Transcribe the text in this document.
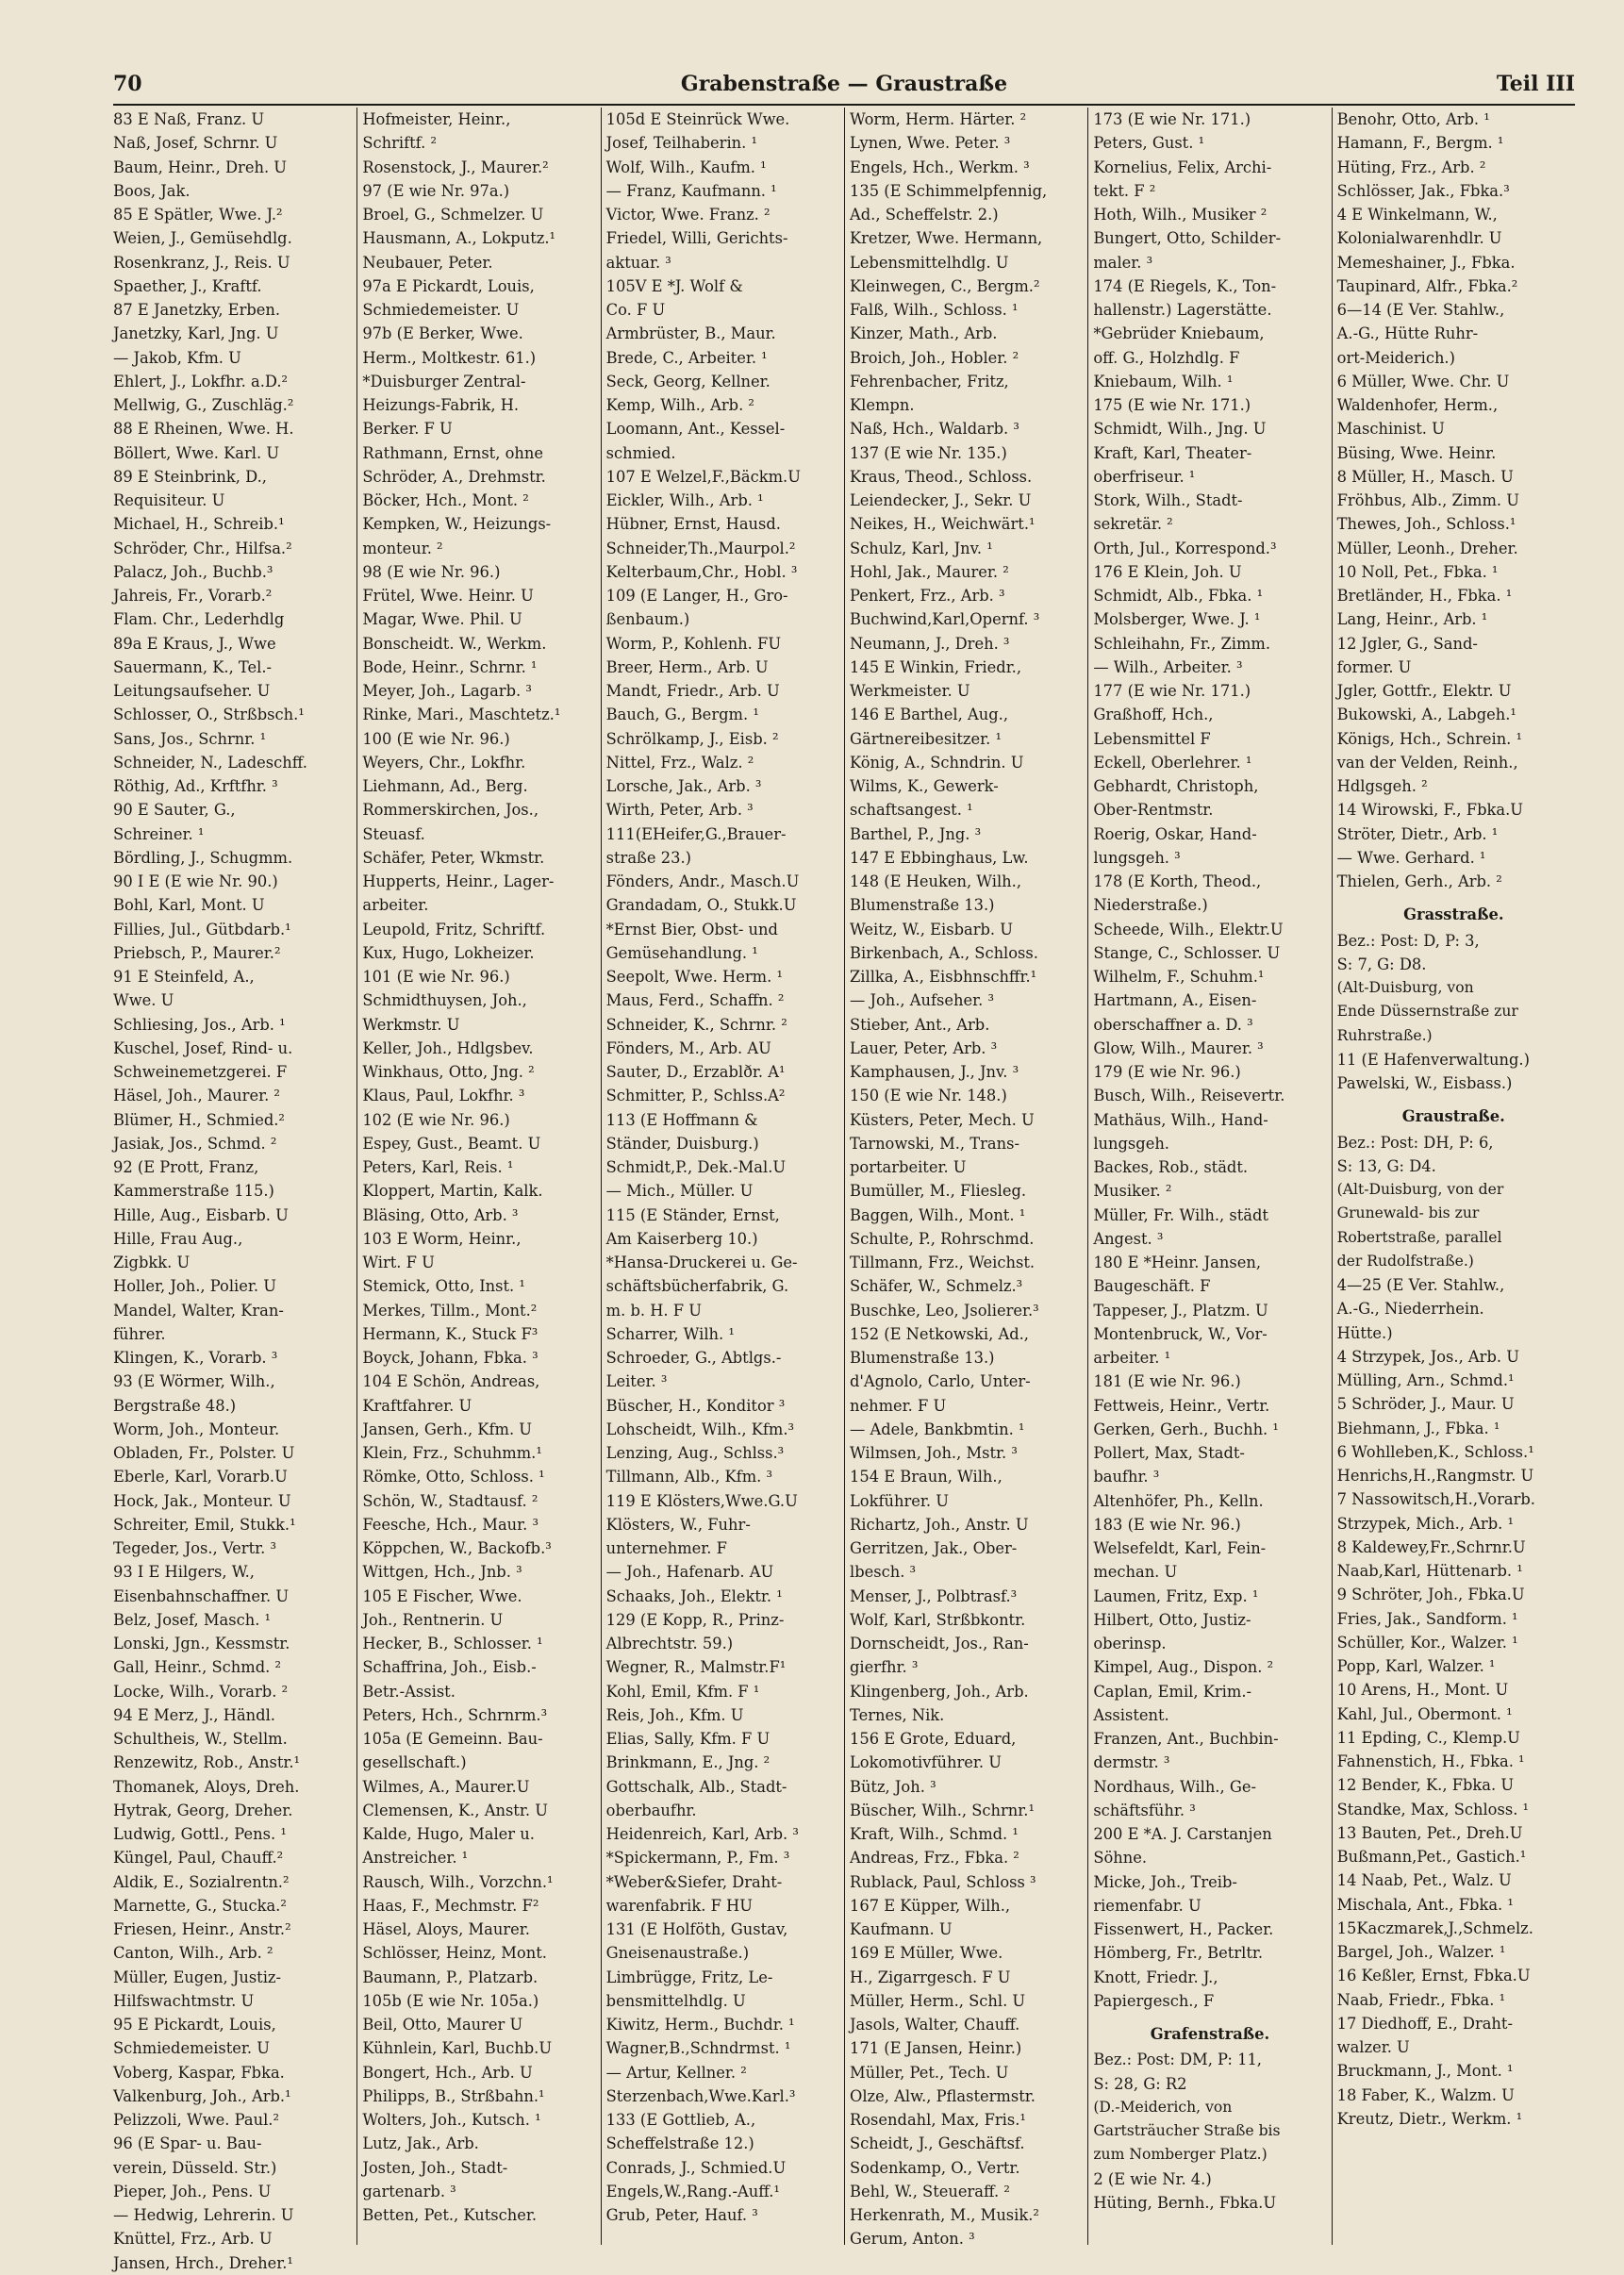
70	Grabenstraße — Graustraße	Teil III

83 E Naß, Franz. U

Naß, Josef, Schrnr. U

Baum, Heinr., Dreh. U

Boos, Jak.

85 E Spätler, Wwe. J.²

Weien, J., Gemüsehdlg.

Rosenkranz, J., Reis. U

Spaether, J., Kraftf.

87 E Janetzky, Erben.

Janetzky, Karl, Jng. U

— Jakob, Kfm. U

Ehlert, J., Lokfhr. a.D.²

Mellwig, G., Zuschläg.²

88 E Rheinen, Wwe. H.

Böllert, Wwe. Karl. U

89 E Steinbrink, D.,

Requisiteur. U

Michael, H., Schreib.¹

Schröder, Chr., Hilfsa.²

Palacz, Joh., Buchb.³

Jahreis, Fr., Vorarb.²

Flam. Chr., Lederhdlg

89a E Kraus, J., Wwe

Sauermann, K., Tel.-

Leitungsaufseher. U

Schlosser, O., Strßbsch.¹

Sans, Jos., Schrnr. ¹

Schneider, N., Ladeschff.

Röthig, Ad., Krftfhr. ³

90 E Sauter, G.,

Schreiner. ¹

Bördling, J., Schugmm.

90 I E (E wie Nr. 90.)

Bohl, Karl, Mont. U

Fillies, Jul., Gütbdarb.¹

Priebsch, P., Maurer.²

91 E Steinfeld, A.,

Wwe. U

Schliesing, Jos., Arb. ¹

Kuschel, Josef, Rind- u.

Schweinemetzgerei. F

Häsel, Joh., Maurer. ²

Blümer, H., Schmied.²

Jasiak, Jos., Schmd. ²

92 (E Prott, Franz,

Kammerstraße 115.)

Hille, Aug., Eisbarb. U

Hille, Frau Aug.,

Zigbkk. U

Holler, Joh., Polier. U

Mandel, Walter, Kran-

führer.

Klingen, K., Vorarb. ³

93 (E Wörmer, Wilh.,

Bergstraße 48.)

Worm, Joh., Monteur.

Obladen, Fr., Polster. U

Eberle, Karl, Vorarb.U

Hock, Jak., Monteur. U

Schreiter, Emil, Stukk.¹

Tegeder, Jos., Vertr. ³

93 I E Hilgers, W.,

Eisenbahnschaffner. U

Belz, Josef, Masch. ¹

Lonski, Jgn., Kessmstr.

Gall, Heinr., Schmd. ²

Locke, Wilh., Vorarb. ²

94 E Merz, J., Händl.

Schultheis, W., Stellm.

Renzewitz, Rob., Anstr.¹

Thomanek, Aloys, Dreh.

Hytrak, Georg, Dreher.

Ludwig, Gottl., Pens. ¹

Küngel, Paul, Chauff.²

Aldik, E., Sozialrentn.²

Marnette, G., Stucka.²

Friesen, Heinr., Anstr.²

Canton, Wilh., Arb. ²

Müller, Eugen, Justiz-

Hilfswachtmstr. U

95 E Pickardt, Louis,

Schmiedemeister. U

Voberg, Kaspar, Fbka.

Valkenburg, Joh., Arb.¹

Pelizzoli, Wwe. Paul.²

96 (E Spar- u. Bau-

verein, Düsseld. Str.)

Pieper, Joh., Pens. U

— Hedwig, Lehrerin. U

Knüttel, Frz., Arb. U

Jansen, Hrch., Dreher.¹

Hofmeister, Heinr.,

Schriftf. ²

Rosenstock, J., Maurer.²

97 (E wie Nr. 97a.)

Broel, G., Schmelzer. U

Hausmann, A., Lokputz.¹

Neubauer, Peter.

97a E Pickardt, Louis,

Schmiedemeister. U

97b (E Berker, Wwe.

Herm., Moltkestr. 61.)

*Duisburger Zentral-

Heizungs-Fabrik, H.

Berker. F U

Rathmann, Ernst, ohne

Schröder, A., Drehmstr.

Böcker, Hch., Mont. ²

Kempken, W., Heizungs-

monteur. ²

98 (E wie Nr. 96.)

Frütel, Wwe. Heinr. U

Magar, Wwe. Phil. U

Bonscheidt. W., Werkm.

Bode, Heinr., Schrnr. ¹

Meyer, Joh., Lagarb. ³

Rinke, Mari., Maschtetz.¹

100 (E wie Nr. 96.)

Weyers, Chr., Lokfhr.

Liehmann, Ad., Berg.

Rommerskirchen, Jos.,

Steuasf.

Schäfer, Peter, Wkmstr.

Hupperts, Heinr., Lager-

arbeiter.

Leupold, Fritz, Schriftf.

Kux, Hugo, Lokheizer.

101 (E wie Nr. 96.)

Schmidthuysen, Joh.,

Werkmstr. U

Keller, Joh., Hdlgsbev.

Winkhaus, Otto, Jng. ²

Klaus, Paul, Lokfhr. ³

102 (E wie Nr. 96.)

Espey, Gust., Beamt. U

Peters, Karl, Reis. ¹

Kloppert, Martin, Kalk.

Bläsing, Otto, Arb. ³

103 E Worm, Heinr.,

Wirt. F U

Stemick, Otto, Inst. ¹

Merkes, Tillm., Mont.²

Hermann, K., Stuck F³

Boyck, Johann, Fbka. ³

104 E Schön, Andreas,

Kraftfahrer. U

Jansen, Gerh., Kfm. U

Klein, Frz., Schuhmm.¹

Römke, Otto, Schloss. ¹

Schön, W., Stadtausf. ²

Feesche, Hch., Maur. ³

Köppchen, W., Backofb.³

Wittgen, Hch., Jnb. ³

105 E Fischer, Wwe.

Joh., Rentnerin. U

Hecker, B., Schlosser. ¹

Schaffrina, Joh., Eisb.-

Betr.-Assist.

Peters, Hch., Schrnrm.³

105a (E Gemeinn. Bau-

gesellschaft.)

Wilmes, A., Maurer.U

Clemensen, K., Anstr. U

Kalde, Hugo, Maler u.

Anstreicher. ¹

Rausch, Wilh., Vorzchn.¹

Haas, F., Mechmstr. F²

Häsel, Aloys, Maurer.

Schlösser, Heinz, Mont.

Baumann, P., Platzarb.

105b (E wie Nr. 105a.)

Beil, Otto, Maurer U

Kühnlein, Karl, Buchb.U

Bongert, Hch., Arb. U

Philipps, B., Strßbahn.¹

Wolters, Joh., Kutsch. ¹

Lutz, Jak., Arb.

Josten, Joh., Stadt-

gartenarb. ³

Betten, Pet., Kutscher.

105d E Steinrück Wwe.

Josef, Teilhaberin. ¹

Wolf, Wilh., Kaufm. ¹

— Franz, Kaufmann. ¹

Victor, Wwe. Franz. ²

Friedel, Willi, Gerichts-

aktuar. ³

105V E *J. Wolf &

Co. F U

Armbrüster, B., Maur.

Brede, C., Arbeiter. ¹

Seck, Georg, Kellner.

Kemp, Wilh., Arb. ²

Loomann, Ant., Kessel-

schmied.

107 E Welzel,F.,Bäckm.U

Eickler, Wilh., Arb. ¹

Hübner, Ernst, Hausd.

Schneider,Th.,Maurpol.²

Kelterbaum,Chr., Hobl. ³

109 (E Langer, H., Gro-

ßenbaum.)

Worm, P., Kohlenh. FU

Breer, Herm., Arb. U

Mandt, Friedr., Arb. U

Bauch, G., Bergm. ¹

Schrölkamp, J., Eisb. ²

Nittel, Frz., Walz. ²

Lorsche, Jak., Arb. ³

Wirth, Peter, Arb. ³

111(EHeifer,G.,Brauer-

straße 23.)

Fönders, Andr., Masch.U

Grandadam, O., Stukk.U

*Ernst Bier, Obst- und

Gemüsehandlung. ¹

Seepolt, Wwe. Herm. ¹

Maus, Ferd., Schaffn. ²

Schneider, K., Schrnr. ²

Fönders, M., Arb. AU

Sauter, D., Erzablðr. A¹

Schmitter, P., Schlss.A²

113 (E Hoffmann &

Ständer, Duisburg.)

Schmidt,P., Dek.-Mal.U

— Mich., Müller. U

115 (E Ständer, Ernst,

Am Kaiserberg 10.)

*Hansa-Druckerei u. Ge-

schäftsbücherfabrik, G.

m. b. H. F U

Scharrer, Wilh. ¹

Schroeder, G., Abtlgs.-

Leiter. ³

Büscher, H., Konditor ³

Lohscheidt, Wilh., Kfm.³

Lenzing, Aug., Schlss.³

Tillmann, Alb., Kfm. ³

119 E Klösters,Wwe.G.U

Klösters, W., Fuhr-

unternehmer. F

— Joh., Hafenarb. AU

Schaaks, Joh., Elektr. ¹

129 (E Kopp, R., Prinz-

Albrechtstr. 59.)

Wegner, R., Malmstr.F¹

Kohl, Emil, Kfm. F ¹

Reis, Joh., Kfm. U

Elias, Sally, Kfm. F U

Brinkmann, E., Jng. ²

Gottschalk, Alb., Stadt-

oberbaufhr.

Heidenreich, Karl, Arb. ³

*Spickermann, P., Fm. ³

*Weber&Siefer, Draht-

warenfabrik. F HU

131 (E Holföth, Gustav,

Gneisenaustraße.)

Limbrügge, Fritz, Le-

bensmittelhdlg. U

Kiwitz, Herm., Buchdr. ¹

Wagner,B.,Schndrmst. ¹

— Artur, Kellner. ²

Sterzenbach,Wwe.Karl.³

133 (E Gottlieb, A.,

Scheffelstraße 12.)

Conrads, J., Schmied.U

Engels,W.,Rang.-Auff.¹

Grub, Peter, Hauf. ³

Worm, Herm. Härter. ²

Lynen, Wwe. Peter. ³

Engels, Hch., Werkm. ³

135 (E Schimmelpfennig,

Ad., Scheffelstr. 2.)

Kretzer, Wwe. Hermann,

Lebensmittelhdlg. U

Kleinwegen, C., Bergm.²

Falß, Wilh., Schloss. ¹

Kinzer, Math., Arb.

Broich, Joh., Hobler. ²

Fehrenbacher, Fritz,

Klempn.

Naß, Hch., Waldarb. ³

137 (E wie Nr. 135.)

Kraus, Theod., Schloss.

Leiendecker, J., Sekr. U

Neikes, H., Weichwärt.¹

Schulz, Karl, Jnv. ¹

Hohl, Jak., Maurer. ²

Penkert, Frz., Arb. ³

Buchwind,Karl,Opernf. ³

Neumann, J., Dreh. ³

145 E Winkin, Friedr.,

Werkmeister. U

146 E Barthel, Aug.,

Gärtnereibesitzer. ¹

König, A., Schndrin. U

Wilms, K., Gewerk-

schaftsangest. ¹

Barthel, P., Jng. ³

147 E Ebbinghaus, Lw.

148 (E Heuken, Wilh.,

Blumenstraße 13.)

Weitz, W., Eisbarb. U

Birkenbach, A., Schloss.

Zillka, A., Eisbhnschffr.¹

— Joh., Aufseher. ³

Stieber, Ant., Arb.

Lauer, Peter, Arb. ³

Kamphausen, J., Jnv. ³

150 (E wie Nr. 148.)

Küsters, Peter, Mech. U

Tarnowski, M., Trans-

portarbeiter. U

Bumüller, M., Fliesleg.

Baggen, Wilh., Mont. ¹

Schulte, P., Rohrschmd.

Tillmann, Frz., Weichst.

Schäfer, W., Schmelz.³

Buschke, Leo, Jsolierer.³

152 (E Netkowski, Ad.,

Blumenstraße 13.)

d'Agnolo, Carlo, Unter-

nehmer. F U

— Adele, Bankbmtin. ¹

Wilmsen, Joh., Mstr. ³

154 E Braun, Wilh.,

Lokführer. U

Richartz, Joh., Anstr. U

Gerritzen, Jak., Ober-

lbesch. ³

Menser, J., Polbtrasf.³

Wolf, Karl, Strßbkontr.

Dornscheidt, Jos., Ran-

gierfhr. ³

Klingenberg, Joh., Arb.

Ternes, Nik.

156 E Grote, Eduard,

Lokomotivführer. U

Bütz, Joh. ³

Büscher, Wilh., Schrnr.¹

Kraft, Wilh., Schmd. ¹

Andreas, Frz., Fbka. ²

Rublack, Paul, Schloss ³

167 E Küpper, Wilh.,

Kaufmann. U

169 E Müller, Wwe.

H., Zigarrgesch. F U

Müller, Herm., Schl. U

Jasols, Walter, Chauff.

171 (E Jansen, Heinr.)

Müller, Pet., Tech. U

Olze, Alw., Pflastermstr.

Rosendahl, Max, Fris.¹

Scheidt, J., Geschäftsf.

Sodenkamp, O., Vertr.

Behl, W., Steueraff. ²

Herkenrath, M., Musik.²

Gerum, Anton. ³

173 (E wie Nr. 171.)

Peters, Gust. ¹

Kornelius, Felix, Archi-

tekt. F ²

Hoth, Wilh., Musiker ²

Bungert, Otto, Schilder-

maler. ³

174 (E Riegels, K., Ton-

hallenstr.) Lagerstätte.

*Gebrüder Kniebaum,

off. G., Holzhdlg. F

Kniebaum, Wilh. ¹

175 (E wie Nr. 171.)

Schmidt, Wilh., Jng. U

Kraft, Karl, Theater-

oberfriseur. ¹

Stork, Wilh., Stadt-

sekretär. ²

Orth, Jul., Korrespond.³

176 E Klein, Joh. U

Schmidt, Alb., Fbka. ¹

Molsberger, Wwe. J. ¹

Schleihahn, Fr., Zimm.

— Wilh., Arbeiter. ³

177 (E wie Nr. 171.)

Graßhoff, Hch.,

Lebensmittel F

Eckell, Oberlehrer. ¹

Gebhardt, Christoph,

Ober-Rentmstr.

Roerig, Oskar, Hand-

lungsgeh. ³

178 (E Korth, Theod.,

Niederstraße.)

Scheede, Wilh., Elektr.U

Stange, C., Schlosser. U

Wilhelm, F., Schuhm.¹

Hartmann, A., Eisen-

oberschaffner a. D. ³

Glow, Wilh., Maurer. ³

179 (E wie Nr. 96.)

Busch, Wilh., Reisevertr.

Mathäus, Wilh., Hand-

lungsgeh.

Backes, Rob., städt.

Musiker. ²

Müller, Fr. Wilh., städt

Angest. ³

180 E *Heinr. Jansen,

Baugeschäft. F

Tappeser, J., Platzm. U

Montenbruck, W., Vor-

arbeiter. ¹

181 (E wie Nr. 96.)

Fettweis, Heinr., Vertr.

Gerken, Gerh., Buchh. ¹

Pollert, Max, Stadt-

baufhr. ³

Altenhöfer, Ph., Kelln.

183 (E wie Nr. 96.)

Welsefeldt, Karl, Fein-

mechan. U

Laumen, Fritz, Exp. ¹

Hilbert, Otto, Justiz-

oberinsp.

Kimpel, Aug., Dispon. ²

Caplan, Emil, Krim.-

Assistent.

Franzen, Ant., Buchbin-

dermstr. ³

Nordhaus, Wilh., Ge-

schäftsführ. ³

200 E *A. J. Carstanjen

Söhne.

Micke, Joh., Treib-

riemenfabr. U

Fissenwert, H., Packer.

Hömberg, Fr., Betrltr.

Knott, Friedr. J.,

Papiergesch., F

Grafenstraße.

Bez.: Post: DM, P: 11,

S: 28, G: R2

(D.-Meiderich, von

Gartsträucher Straße bis

zum Nomberger Platz.)

2 (E wie Nr. 4.)

Hüting, Bernh., Fbka.U

Benohr, Otto, Arb. ¹

Hamann, F., Bergm. ¹

Hüting, Frz., Arb. ²

Schlösser, Jak., Fbka.³

4 E Winkelmann, W.,

Kolonialwarenhdlr. U

Memeshainer, J., Fbka.

Taupinard, Alfr., Fbka.²

6—14 (E Ver. Stahlw.,

A.-G., Hütte Ruhr-

ort-Meiderich.)

6 Müller, Wwe. Chr. U

Waldenhofer, Herm.,

Maschinist. U

Büsing, Wwe. Heinr.

8 Müller, H., Masch. U

Fröhbus, Alb., Zimm. U

Thewes, Joh., Schloss.¹

Müller, Leonh., Dreher.

10 Noll, Pet., Fbka. ¹

Bretländer, H., Fbka. ¹

Lang, Heinr., Arb. ¹

12 Jgler, G., Sand-

former. U

Jgler, Gottfr., Elektr. U

Bukowski, A., Labgeh.¹

Königs, Hch., Schrein. ¹

van der Velden, Reinh.,

Hdlgsgeh. ²

14 Wirowski, F., Fbka.U

Ströter, Dietr., Arb. ¹

— Wwe. Gerhard. ¹

Thielen, Gerh., Arb. ²

Grasstraße.

Bez.: Post: D, P: 3,

S: 7, G: D8.

(Alt-Duisburg, von

Ende Düssernstraße zur

Ruhrstraße.)

11 (E Hafenverwaltung.)

Pawelski, W., Eisbass.)

Graustraße.

Bez.: Post: DH, P: 6,

S: 13, G: D4.

(Alt-Duisburg, von der

Grunewald- bis zur

Robertstraße, parallel

der Rudolfstraße.)

4—25 (E Ver. Stahlw.,

A.-G., Niederrhein.

Hütte.)

4 Strzypek, Jos., Arb. U

Mülling, Arn., Schmd.¹

5 Schröder, J., Maur. U

Biehmann, J., Fbka. ¹

6 Wohlleben,K., Schloss.¹

Henrichs,H.,Rangmstr. U

7 Nassowitsch,H.,Vorarb.

Strzypek, Mich., Arb. ¹

8 Kaldewey,Fr.,Schrnr.U

Naab,Karl, Hüttenarb. ¹

9 Schröter, Joh., Fbka.U

Fries, Jak., Sandform. ¹

Schüller, Kor., Walzer. ¹

Popp, Karl, Walzer. ¹

10 Arens, H., Mont. U

Kahl, Jul., Obermont. ¹

11 Epding, C., Klemp.U

Fahnenstich, H., Fbka. ¹

12 Bender, K., Fbka. U

Standke, Max, Schloss. ¹

13 Bauten, Pet., Dreh.U

Bußmann,Pet., Gastich.¹

14 Naab, Pet., Walz. U

Mischala, Ant., Fbka. ¹

15Kaczmarek,J.,Schmelz.

Bargel, Joh., Walzer. ¹

16 Keßler, Ernst, Fbka.U

Naab, Friedr., Fbka. ¹

17 Diedhoff, E., Draht-

walzer. U

Bruckmann, J., Mont. ¹

18 Faber, K., Walzm. U

Kreutz, Dietr., Werkm. ¹
